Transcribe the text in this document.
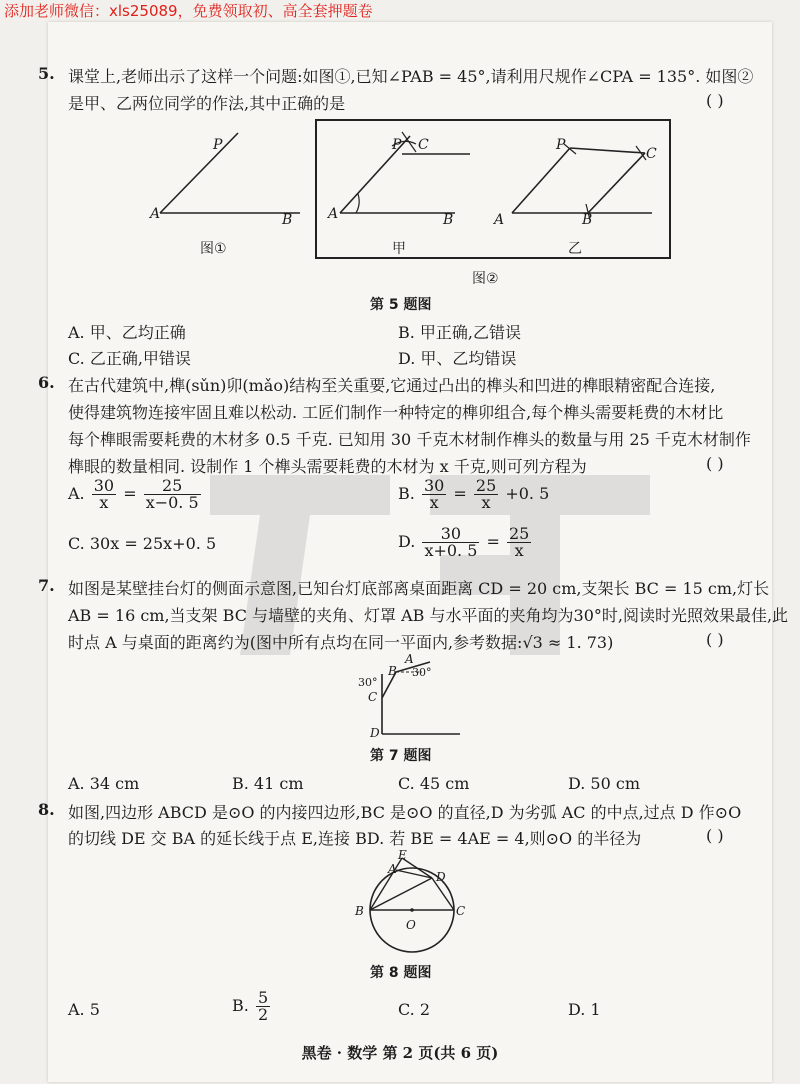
添加老师微信：xls25089，免费领取初、高全套押题卷
5. 课堂上,老师出示了这样一个问题:如图①,已知∠PAB = 45°,请利用尺规作∠CPA = 135°. 如图②
是甲、乙两位同学的作法,其中正确的是	( )
P
A	B
图①
P C
A	B
甲
P
C
A	B
乙
图②
第 5 题图
A. 甲、乙均正确	B. 甲正确,乙错误
C. 乙正确,甲错误	D. 甲、乙均错误
6. 在古代建筑中,榫(sǔn)卯(mǎo)结构至关重要,它通过凸出的榫头和凹进的榫眼精密配合连接,
使得建筑物连接牢固且难以松动. 工匠们制作一种特定的榫卯组合,每个榫头需要耗费的木材比
每个榫眼需要耗费的木材多 0.5 千克. 已知用 30 千克木材制作榫头的数量与用 25 千克木材制作
榫眼的数量相同. 设制作 1 个榫头需要耗费的木材为 x 千克,则可列方程为	( )
A. $\frac{30}{x} = \frac{25}{x-0. 5}$	B. $\frac{30}{x} = \frac{25}{x} +0$. 5
C. 30x = 25x+0. 5	D. $\frac{30}{x+0. 5} = \frac{25}{x}$
7. 如图是某壁挂台灯的侧面示意图,已知台灯底部离桌面距离 CD = 20 cm,支架长 BC = 15 cm,灯长
AB = 16 cm,当支架 BC 与墙壁的夹角、灯罩 AB 与水平面的夹角均为30°时,阅读时光照效果最佳,此
时点 A 与桌面的距离约为(图中所有点均在同一平面内,参考数据:√3 ≈ 1. 73)	( )
A
B 30°
30°
C
D
第 7 题图
A. 34 cm	B. 41 cm	C. 45 cm	D. 50 cm
8. 如图,四边形 ABCD 是⊙O 的内接四边形,BC 是⊙O 的直径,D 为劣弧 AC 的中点,过点 D 作⊙O
的切线 DE 交 BA 的延长线于点 E,连接 BD. 若 BE = 4AE = 4,则⊙O 的半径为	( )
E
A
D
B	C
O
第 8 题图
A. 5	B. $\frac{5}{2}$	C. 2	D. 1
黑卷 · 数学 第 2 页(共 6 页)
